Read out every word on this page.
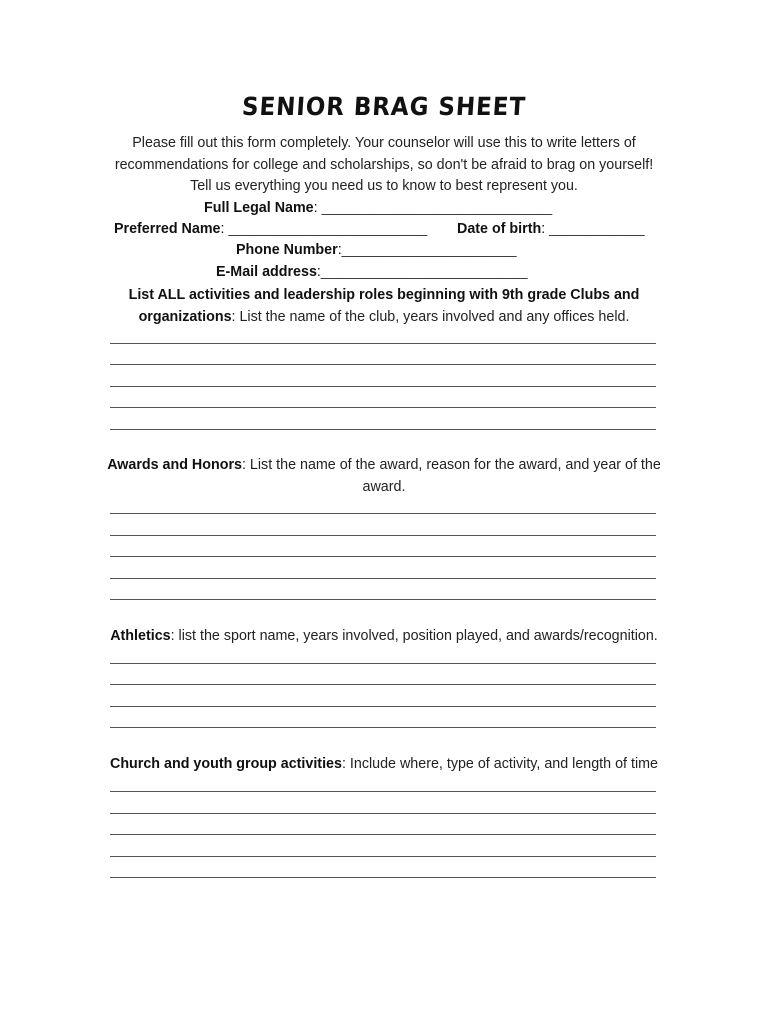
SENIOR BRAG SHEET
Please fill out this form completely. Your counselor will use this to write letters of
recommendations for college and scholarships, so don't be afraid to brag on yourself!
Tell us everything you need us to know to best represent you.
Full Legal Name: _____________________________
Preferred Name: _________________________ Date of birth: ____________
Phone Number:______________________
E-Mail address:__________________________
List ALL activities and leadership roles beginning with 9th grade Clubs and
organizations: List the name of the club, years involved and any offices held.
Awards and Honors: List the name of the award, reason for the award, and year of the
award.
Athletics: list the sport name, years involved, position played, and awards/recognition.
Church and youth group activities: Include where, type of activity, and length of time
